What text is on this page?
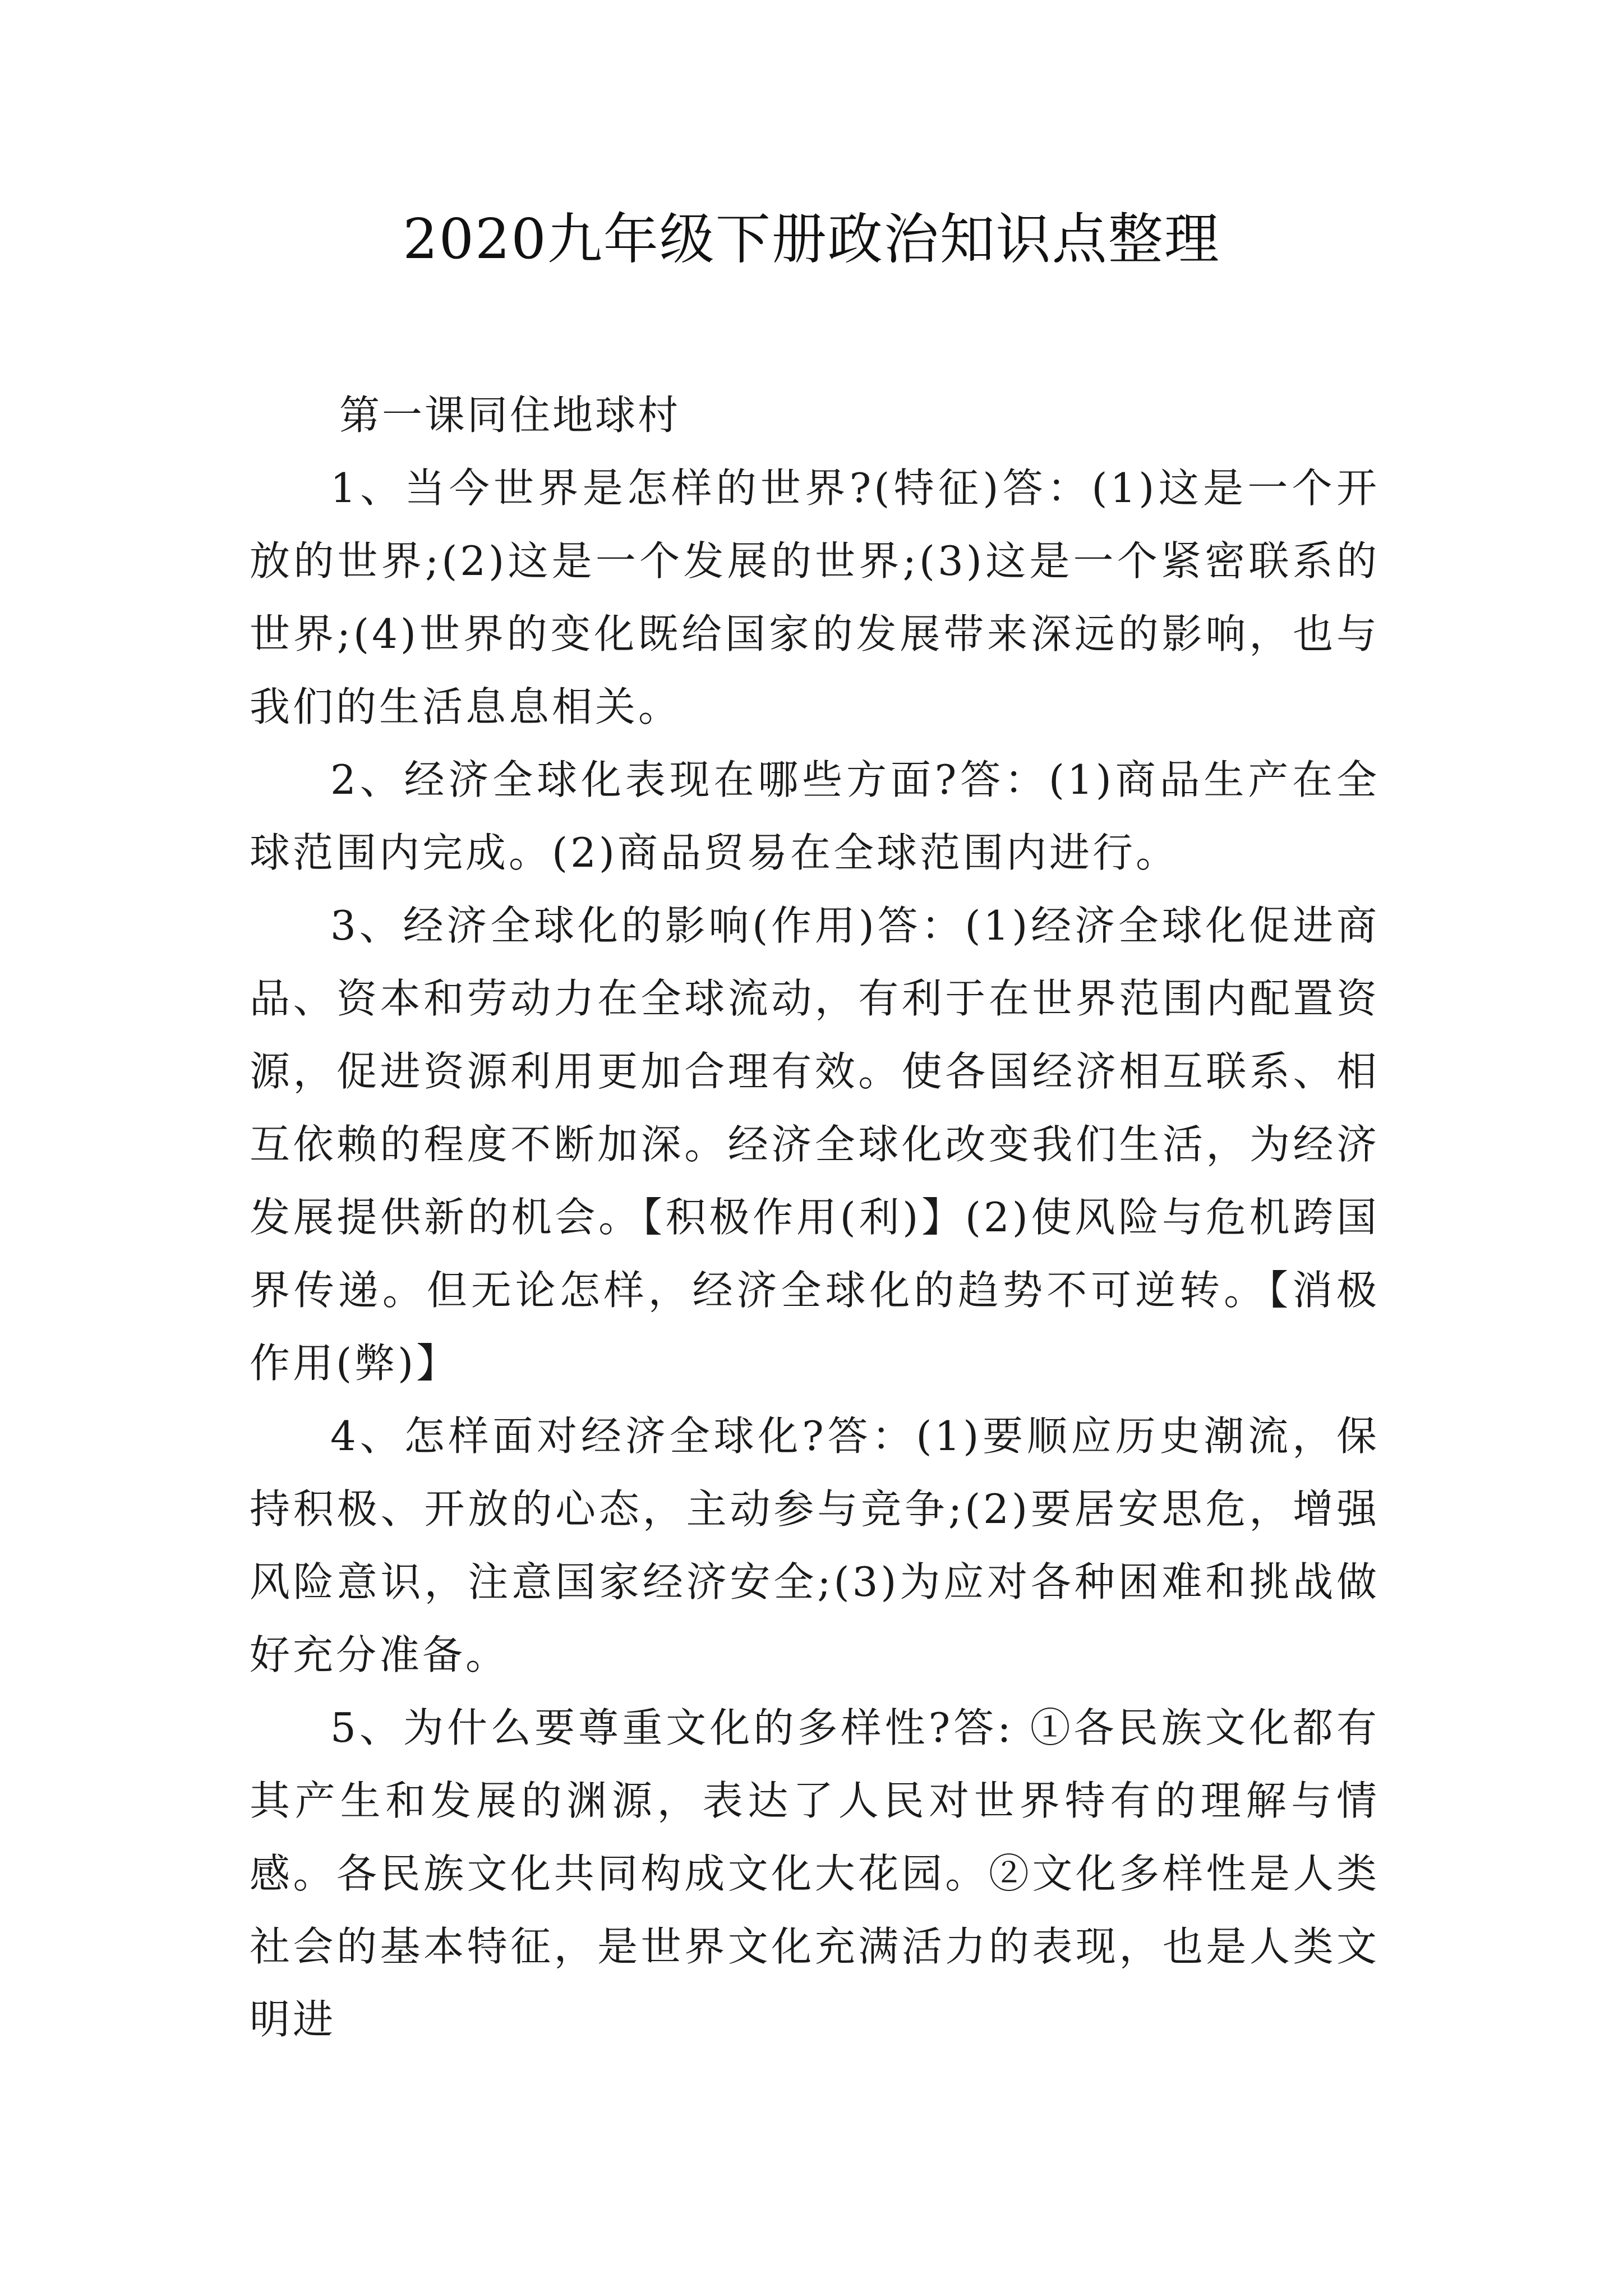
2020九年级下册政治知识点整理
第一课同住地球村

1、当今世界是怎样的世界?(特征)答：(1)这是一个开放的世界;(2)这是一个发展的世界;(3)这是一个紧密联系的世界;(4)世界的变化既给国家的发展带来深远的影响，也与我们的生活息息相关。

2、经济全球化表现在哪些方面?答：(1)商品生产在全球范围内完成。(2)商品贸易在全球范围内进行。

3、经济全球化的影响(作用)答：(1)经济全球化促进商品、资本和劳动力在全球流动，有利于在世界范围内配置资源，促进资源利用更加合理有效。使各国经济相互联系、相互依赖的程度不断加深。经济全球化改变我们生活，为经济发展提供新的机会。【积极作用(利)】(2)使风险与危机跨国界传递。但无论怎样，经济全球化的趋势不可逆转。【消极作用(弊)】

4、怎样面对经济全球化?答：(1)要顺应历史潮流，保持积极、开放的心态，主动参与竞争;(2)要居安思危，增强风险意识，注意国家经济安全;(3)为应对各种困难和挑战做好充分准备。

5、为什么要尊重文化的多样性?答: ①各民族文化都有其产生和发展的渊源，表达了人民对世界特有的理解与情感。各民族文化共同构成文化大花园。②文化多样性是人类社会的基本特征，是世界文化充满活力的表现，也是人类文明进
